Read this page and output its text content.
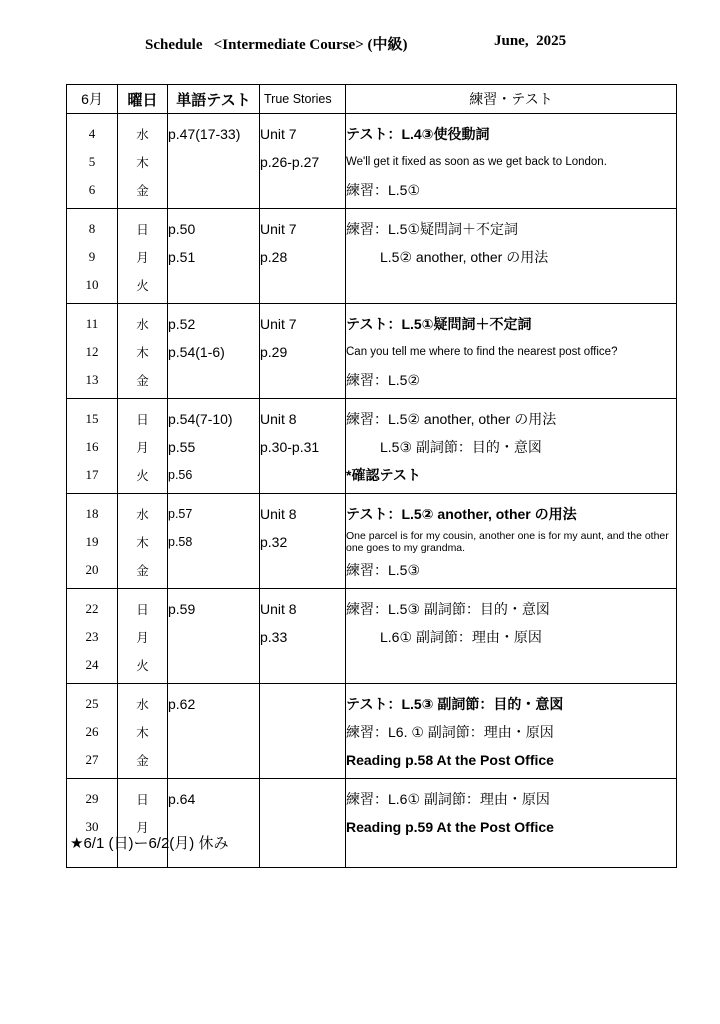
Schedule   <Intermediate Course> (中級)	June,  2025
6月	曜日	単語テスト	True Stories	練習・テスト
4	水	p.47(17-33)	Unit 7	テスト：L.4③使役動詞
5	木		p.26-p.27	We'll get it fixed as soon as we get back to London.
6	金			練習：L.5①
8	日	p.50	Unit 7	練習：L.5①疑問詞＋不定詞
9	月	p.51	p.28	L.5② another, other の用法
10	火			
11	水	p.52	Unit 7	テスト：L.5①疑問詞＋不定詞
12	木	p.54(1-6)	p.29	Can you tell me where to find the nearest post office?
13	金			練習：L.5②
15	日	p.54(7-10)	Unit 8	練習：L.5② another, other の用法
16	月	p.55	p.30-p.31	L.5③ 副詞節：目的・意図
17	火	p.56		*確認テスト
18	水	p.57	Unit 8	テスト：L.5② another, other の用法
19	木	p.58	p.32	One parcel is for my cousin, another one is for my aunt, and the other one goes to my grandma.
20	金			練習：L.5③
22	日	p.59	Unit 8	練習：L.5③ 副詞節：目的・意図
23	月		p.33	L.6① 副詞節：理由・原因
24	火			
25	水	p.62		テスト：L.5③ 副詞節：目的・意図
26	木			練習：L6. ① 副詞節：理由・原因
27	金			Reading p.58 At the Post Office
29	日	p.64		練習：L.6① 副詞節：理由・原因
30	月			Reading p.59 At the Post Office

★6/1 (日)ー6/2(月) 休み
